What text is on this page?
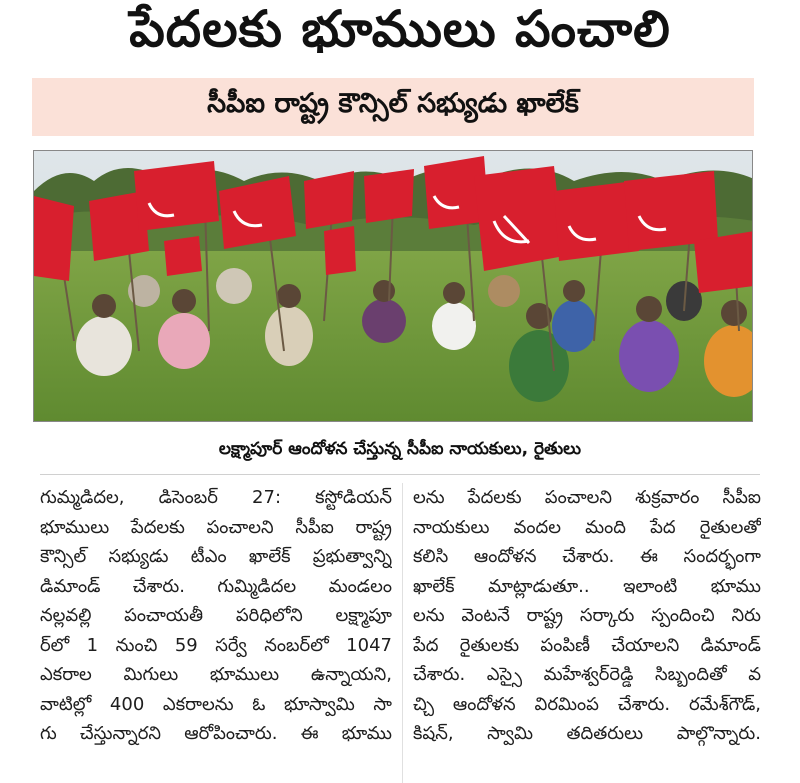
పేదలకు భూములు పంచాలి
సీపీఐ రాష్ట్ర కౌన్సిల్ సభ్యుడు ఖాలేక్
లక్ష్మాపూర్ ఆందోళన చేస్తున్న సీపీఐ నాయకులు, రైతులు
గుమ్మడిదల, డిసెంబర్ 27: కస్టోడియన్
భూములు పేదలకు పంచాలని సీపీఐ రాష్ట్ర
కౌన్సిల్ సభ్యుడు టీఎం ఖాలేక్ ప్రభుత్వాన్ని
డిమాండ్ చేశారు. గుమ్మిడిదల మండలం
నల్లవల్లి పంచాయతీ పరిధిలోని లక్ష్మాపూ
ర్‌లో 1 నుంచి 59 సర్వే నంబర్‌లో 1047
ఎకరాల మిగులు భూములు ఉన్నాయని,
వాటిల్లో 400 ఎకరాలను ఓ భూస్వామి సా
గు చేస్తున్నారని ఆరోపించారు. ఈ భూము
లను పేదలకు పంచాలని శుక్రవారం సీపీఐ
నాయకులు వందల మంది పేద రైతులతో
కలిసి ఆందోళన చేశారు. ఈ సందర్భంగా
ఖాలేక్ మాట్లాడుతూ.. ఇలాంటి భూము
లను వెంటనే రాష్ట్ర సర్కారు స్పందించి నిరు
పేద రైతులకు పంపిణీ చేయాలని డిమాండ్
చేశారు. ఎస్సై మహేశ్వర్‌రెడ్డి సిబ్బందితో వ
చ్చి ఆందోళన విరమింప చేశారు. రమేశ్‌గౌడ్,
కిషన్, స్వామి తదితరులు పాల్గొన్నారు.
